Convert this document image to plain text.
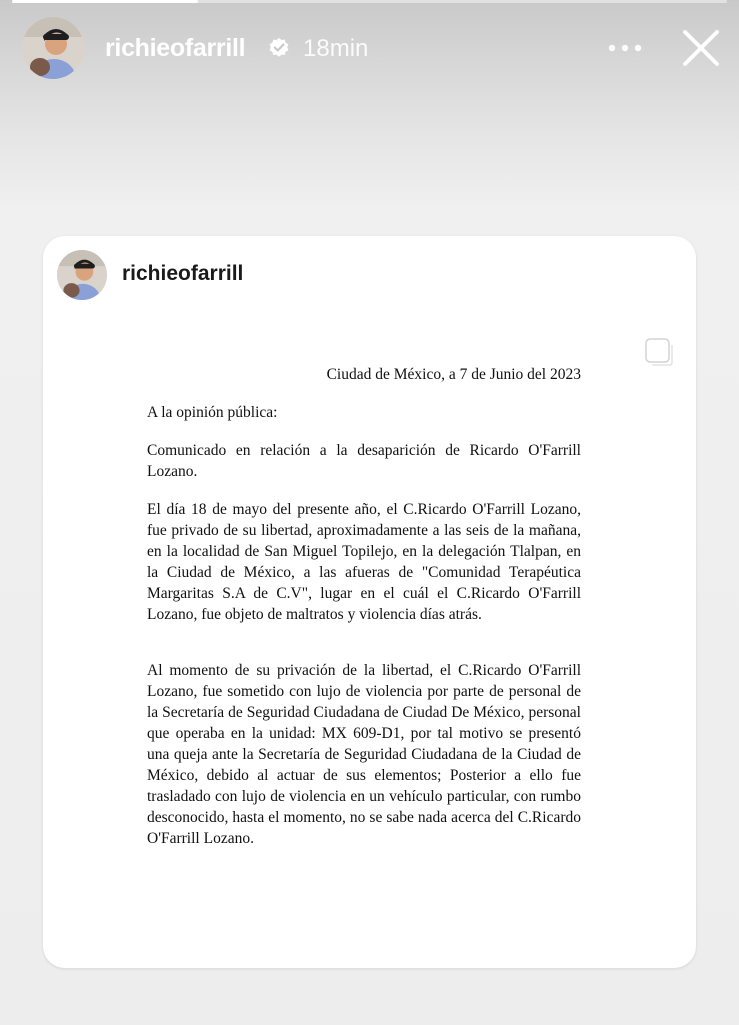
richieofarrill 18min
richieofarrill
Ciudad de México, a 7 de Junio del 2023

A la opinión pública:

Comunicado en relación a la desaparición de Ricardo O'Farrill Lozano.

El día 18 de mayo del presente año, el C.Ricardo O'Farrill Lozano, fue privado de su libertad, aproximadamente a las seis de la mañana, en la localidad de San Miguel Topilejo, en la delegación Tlalpan, en la Ciudad de México, a las afueras de "Comunidad Terapéutica Margaritas S.A de C.V", lugar en el cuál el C.Ricardo O'Farrill Lozano, fue objeto de maltratos y violencia días atrás.

Al momento de su privación de la libertad, el C.Ricardo O'Farrill Lozano, fue sometido con lujo de violencia por parte de personal de la Secretaría de Seguridad Ciudadana de Ciudad De México, personal que operaba en la unidad: MX 609-D1, por tal motivo se presentó una queja ante la Secretaría de Seguridad Ciudadana de la Ciudad de México, debido al actuar de sus elementos; Posterior a ello fue trasladado con lujo de violencia en un vehículo particular, con rumbo desconocido, hasta el momento, no se sabe nada acerca del C.Ricardo O'Farrill Lozano.
